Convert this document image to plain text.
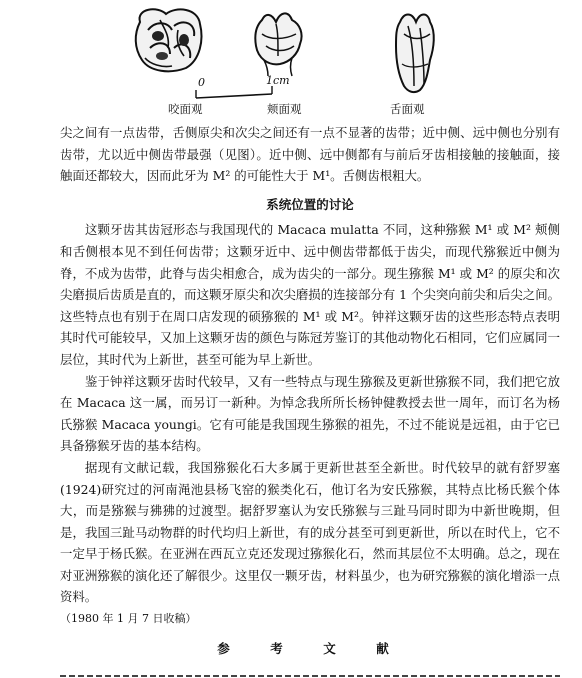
0	1cm
咬面观	颊面观	舌面观

尖之间有一点齿带，舌侧原尖和次尖之间还有一点不显著的齿带；近中侧、远中侧也分别有齿带，尤以近中侧齿带最强（见图）。近中侧、远中侧都有与前后牙齿相接触的接触面，接触面还都较大，因而此牙为 M² 的可能性大于 M¹。舌侧齿根粗大。

系统位置的讨论

这颗牙齿其齿冠形态与我国现代的 Macaca mulatta 不同，这种猕猴 M¹ 或 M² 颊侧和舌侧根本见不到任何齿带；这颗牙近中、远中侧齿带都低于齿尖，而现代猕猴近中侧为脊，不成为齿带，此脊与齿尖相愈合，成为齿尖的一部分。现生猕猴 M¹ 或 M² 的原尖和次尖磨损后齿质是直的，而这颗牙原尖和次尖磨损的连接部分有 1 个尖突向前尖和后尖之间。这些特点也有别于在周口店发现的硕猕猴的 M¹ 或 M²。钟祥这颗牙齿的这些形态特点表明其时代可能较早，又加上这颗牙齿的颜色与陈冠芳鉴订的其他动物化石相同，它们应属同一层位，其时代为上新世，甚至可能为早上新世。

鉴于钟祥这颗牙齿时代较早，又有一些特点与现生猕猴及更新世猕猴不同，我们把它放在 Macaca 这一属，而另订一新种。为悼念我所所长杨钟健教授去世一周年，而订名为杨氏猕猴 Macaca youngi。它有可能是我国现生猕猴的祖先，不过不能说是远祖，由于它已具备猕猴牙齿的基本结构。

据现有文献记载，我国猕猴化石大多属于更新世甚至全新世。时代较早的就有舒罗塞(1924)研究过的河南渑池县杨飞窑的猴类化石，他订名为安氏猕猴，其特点比杨氏猴个体大，而是猕猴与狒狒的过渡型。据舒罗塞认为安氏猕猴与三趾马同时即为中新世晚期，但是，我国三趾马动物群的时代均归上新世，有的成分甚至可到更新世，所以在时代上，它不一定早于杨氏猴。在亚洲在西瓦立克还发现过猕猴化石，然而其层位不太明确。总之，现在对亚洲猕猴的演化还了解很少。这里仅一颗牙齿，材料虽少，也为研究猕猴的演化增添一点资料。

（1980 年 1 月 7 日收稿）

参　考　文　献
